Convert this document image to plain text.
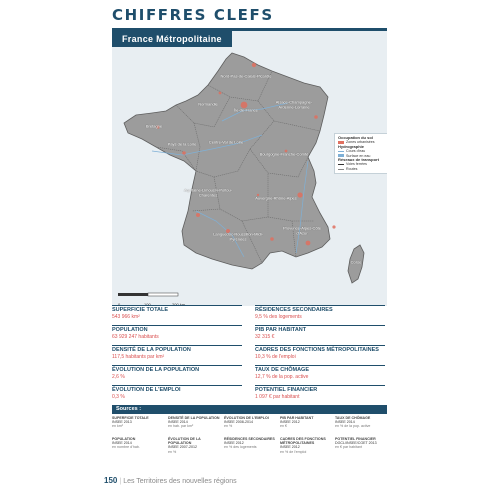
CHIFFRES CLEFS
France Métropolitaine
Nord-Pas-de-Calais-Picardie
Normandie
Île-de-France
Alsace-Champagne-Ardenne-Lorraine
Bretagne
Pays de la Loire	Centre-Val de Loire
Bourgogne-Franche-Comté
Aquitaine-Limousin-Poitou-Charentes
Auvergne-Rhône-Alpes
Languedoc-Roussillon-Midi-Pyrénées
Provence-Alpes-Côte d'Azur
Corse
Occupation du sol
Zones urbanisées
Hydrographie
Cours d'eau
Surface en eau
Réseaux de transport
Voies ferrées
Routes
0	100	200 km
SUPERFICIE TOTALE
543 966 km²
POPULATION
63 929 247 habitants
DENSITÉ DE LA POPULATION
117,5 habitants par km²
ÉVOLUTION DE LA POPULATION
2,6 %
ÉVOLUTION DE L'EMPLOI
0,3 %
RÉSIDENCES SECONDAIRES
9,5 % des logements
PIB PAR HABITANT
32 315 €
CADRES DES FONCTIONS MÉTROPOLITAINES
10,3 % de l'emploi
TAUX DE CHÔMAGE
12,7 % de la pop. active
POTENTIEL FINANCIER
1 097 € par habitant
Sources :
SUPERFICIE TOTALE
INSEE 2013
en km²
POPULATION
INSEE 2014
en nombre d'hab.
DENSITÉ DE LA POPULATION
INSEE 2014
en hab. par km²
ÉVOLUTION DE LA POPULATION
INSEE 2007-2012
en %
ÉVOLUTION DE L'EMPLOI
INSEE 2008-2014
en %
RÉSIDENCES SECONDAIRES
INSEE 2012
en % des logements
PIB PAR HABITANT
INSEE 2012
en €
CADRES DES FONCTIONS MÉTROPOLITAINES
INSEE 2012
en % de l'emploi
TAUX DE CHÔMAGE
INSEE 2014
en % de la pop. active
POTENTIEL FINANCIER
DGCL/INSEE/CGET 2013
en € par habitant
150 | Les Territoires des nouvelles régions
